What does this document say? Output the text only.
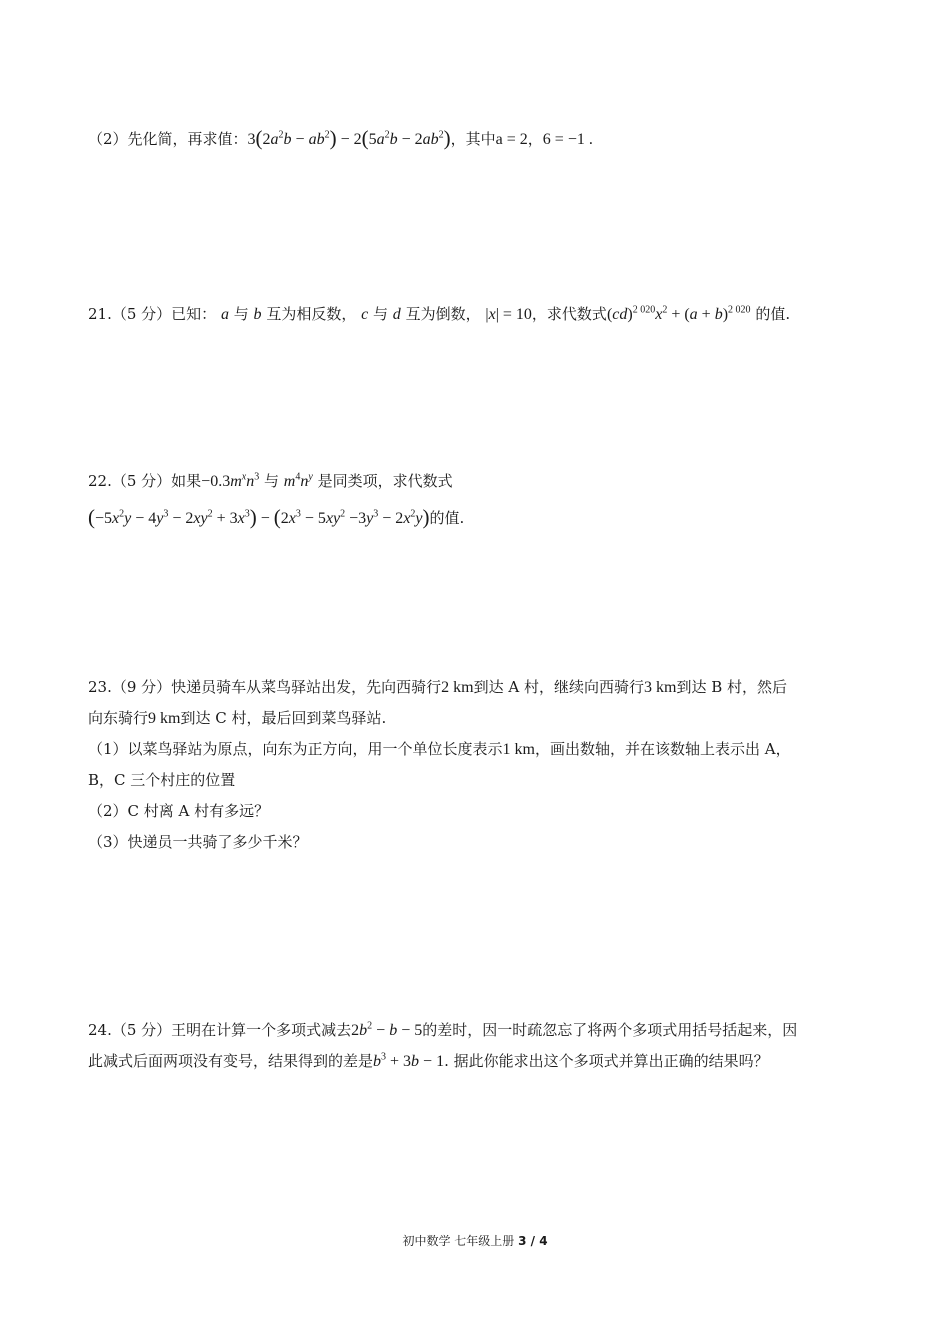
（2）先化简，再求值：$3(2a^2b - ab^2) - 2(5a^2b - 2ab^2)$，其中a = 2，6 = −1 .
21.（5 分）已知： a 与 b 互为相反数， c 与 d 互为倒数， |x| = 10，求代数式$(cd)^{2 020}x^2 + (a + b)^{2 020}$ 的值.
22.（5 分）如果$-0.3m^xn^3$ 与 $m^4n^y$ 是同类项，求代数式
$(-5x^2y - 4y^3 - 2xy^2 + 3x^3) - (2x^3 - 5xy^2 -3y^3 - 2x^2y)$的值.
23.（9 分）快递员骑车从菜鸟驿站出发，先向西骑行2 km到达 A 村，继续向西骑行3 km到达 B 村，然后
向东骑行9 km到达 C 村，最后回到菜鸟驿站.
（1）以菜鸟驿站为原点，向东为正方向，用一个单位长度表示1 km，画出数轴，并在该数轴上表示出 A，
B，C 三个村庄的位置
（2）C 村离 A 村有多远？
（3）快递员一共骑了多少千米？
24.（5 分）王明在计算一个多项式减去$2b^2 - b - 5$的差时，因一时疏忽忘了将两个多项式用括号括起来，因
此减式后面两项没有变号，结果得到的差是$b^3 + 3b - 1$. 据此你能求出这个多项式并算出正确的结果吗？
初中数学 七年级上册 3 / 4
